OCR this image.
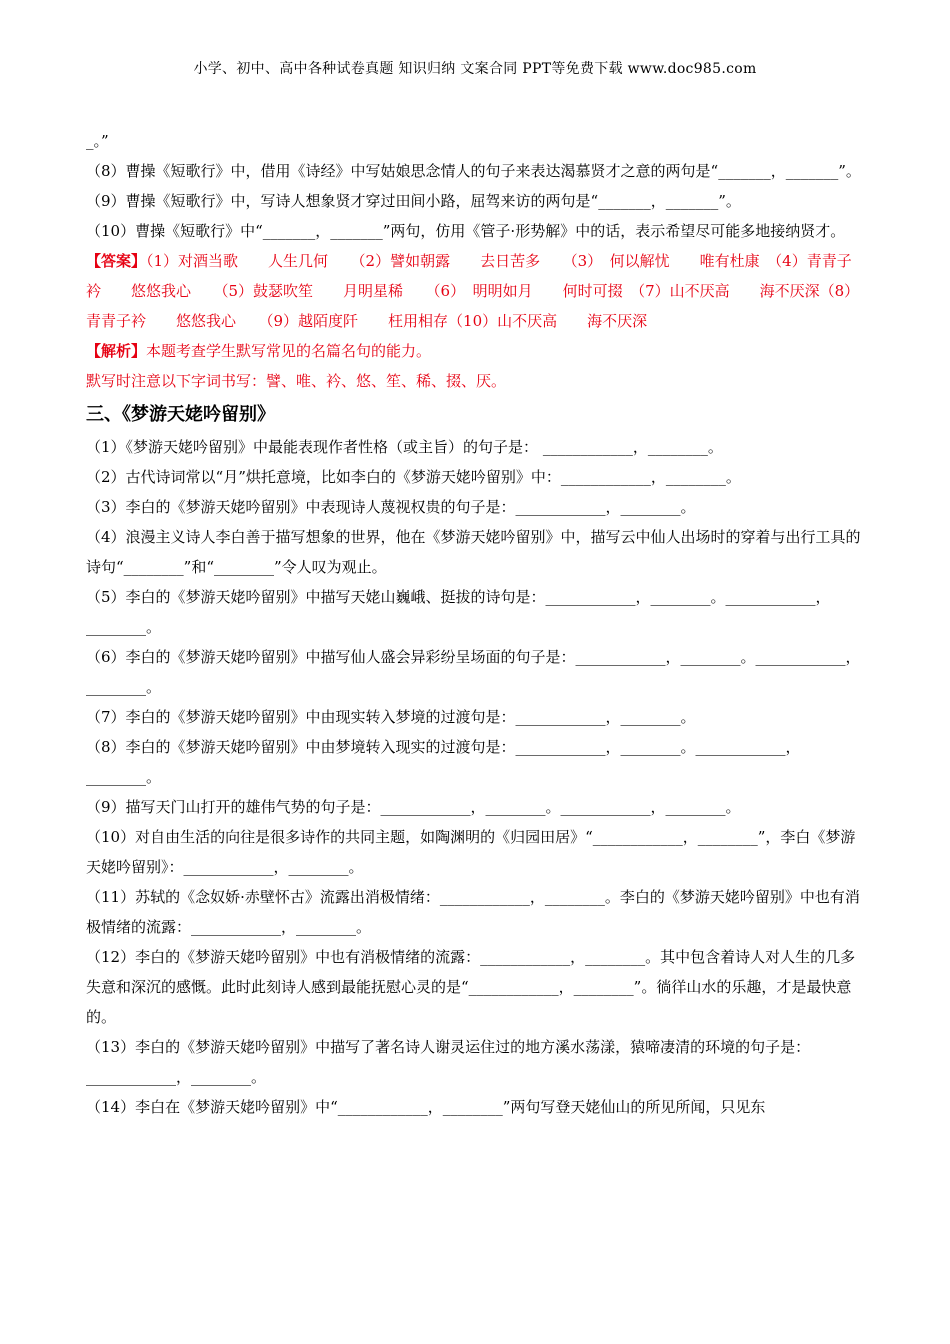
小学、初中、高中各种试卷真题 知识归纳 文案合同 PPT等免费下载 www.doc985.com

_。”

（8）曹操《短歌行》中，借用《诗经》中写姑娘思念情人的句子来表达渴慕贤才之意的两句是“_______，_______”。

（9）曹操《短歌行》中，写诗人想象贤才穿过田间小路，屈驾来访的两句是“_______，_______”。

（10）曹操《短歌行》中“_______，_______”两句，仿用《管子·形势解》中的话，表示希望尽可能多地接纳贤才。

【答案】（1）对酒当歌　　人生几何　　（2）譬如朝露　　去日苦多　　（3）　何以解忧　　唯有杜康　（4）青青子衿　　悠悠我心　　（5）鼓瑟吹笙　　月明星稀　　（6）　明明如月　　何时可掇　（7）山不厌高　　海不厌深（8）青青子衿　　悠悠我心　　（9）越陌度阡　　枉用相存（10）山不厌高　　海不厌深

【解析】本题考查学生默写常见的名篇名句的能力。

默写时注意以下字词书写：譬、唯、衿、悠、笙、稀、掇、厌。

三、《梦游天姥吟留别》

（1）《梦游天姥吟留别》中最能表现作者性格（或主旨）的句子是： ____________，________。

（2）古代诗词常以“月”烘托意境，比如李白的《梦游天姥吟留别》中：____________，________。

（3）李白的《梦游天姥吟留别》中表现诗人蔑视权贵的句子是：____________，________。

（4）浪漫主义诗人李白善于描写想象的世界，他在《梦游天姥吟留别》中，描写云中仙人出场时的穿着与出行工具的诗句“________”和“________”令人叹为观止。

（5）李白的《梦游天姥吟留别》中描写天姥山巍峨、挺拔的诗句是：____________，________。____________，________。

（6）李白的《梦游天姥吟留别》中描写仙人盛会异彩纷呈场面的句子是：____________，________。____________，________。

（7）李白的《梦游天姥吟留别》中由现实转入梦境的过渡句是：____________，________。

（8）李白的《梦游天姥吟留别》中由梦境转入现实的过渡句是：____________，________。____________，________。

（9）描写天门山打开的雄伟气势的句子是：____________，________。____________，________。

（10）对自由生活的向往是很多诗作的共同主题，如陶渊明的《归园田居》“____________，________”，李白《梦游天姥吟留别》：____________，________。

（11）苏轼的《念奴娇·赤壁怀古》流露出消极情绪：____________，________。李白的《梦游天姥吟留别》中也有消极情绪的流露：____________，________。

（12）李白的《梦游天姥吟留别》中也有消极情绪的流露：____________，________。其中包含着诗人对人生的几多失意和深沉的感慨。此时此刻诗人感到最能抚慰心灵的是“____________，________”。徜徉山水的乐趣，才是最快意的。

（13）李白的《梦游天姥吟留别》中描写了著名诗人谢灵运住过的地方溪水荡漾，猿啼凄清的环境的句子是：____________，________。

（14）李白在《梦游天姥吟留别》中“____________，________”两句写登天姥仙山的所见所闻，只见东
